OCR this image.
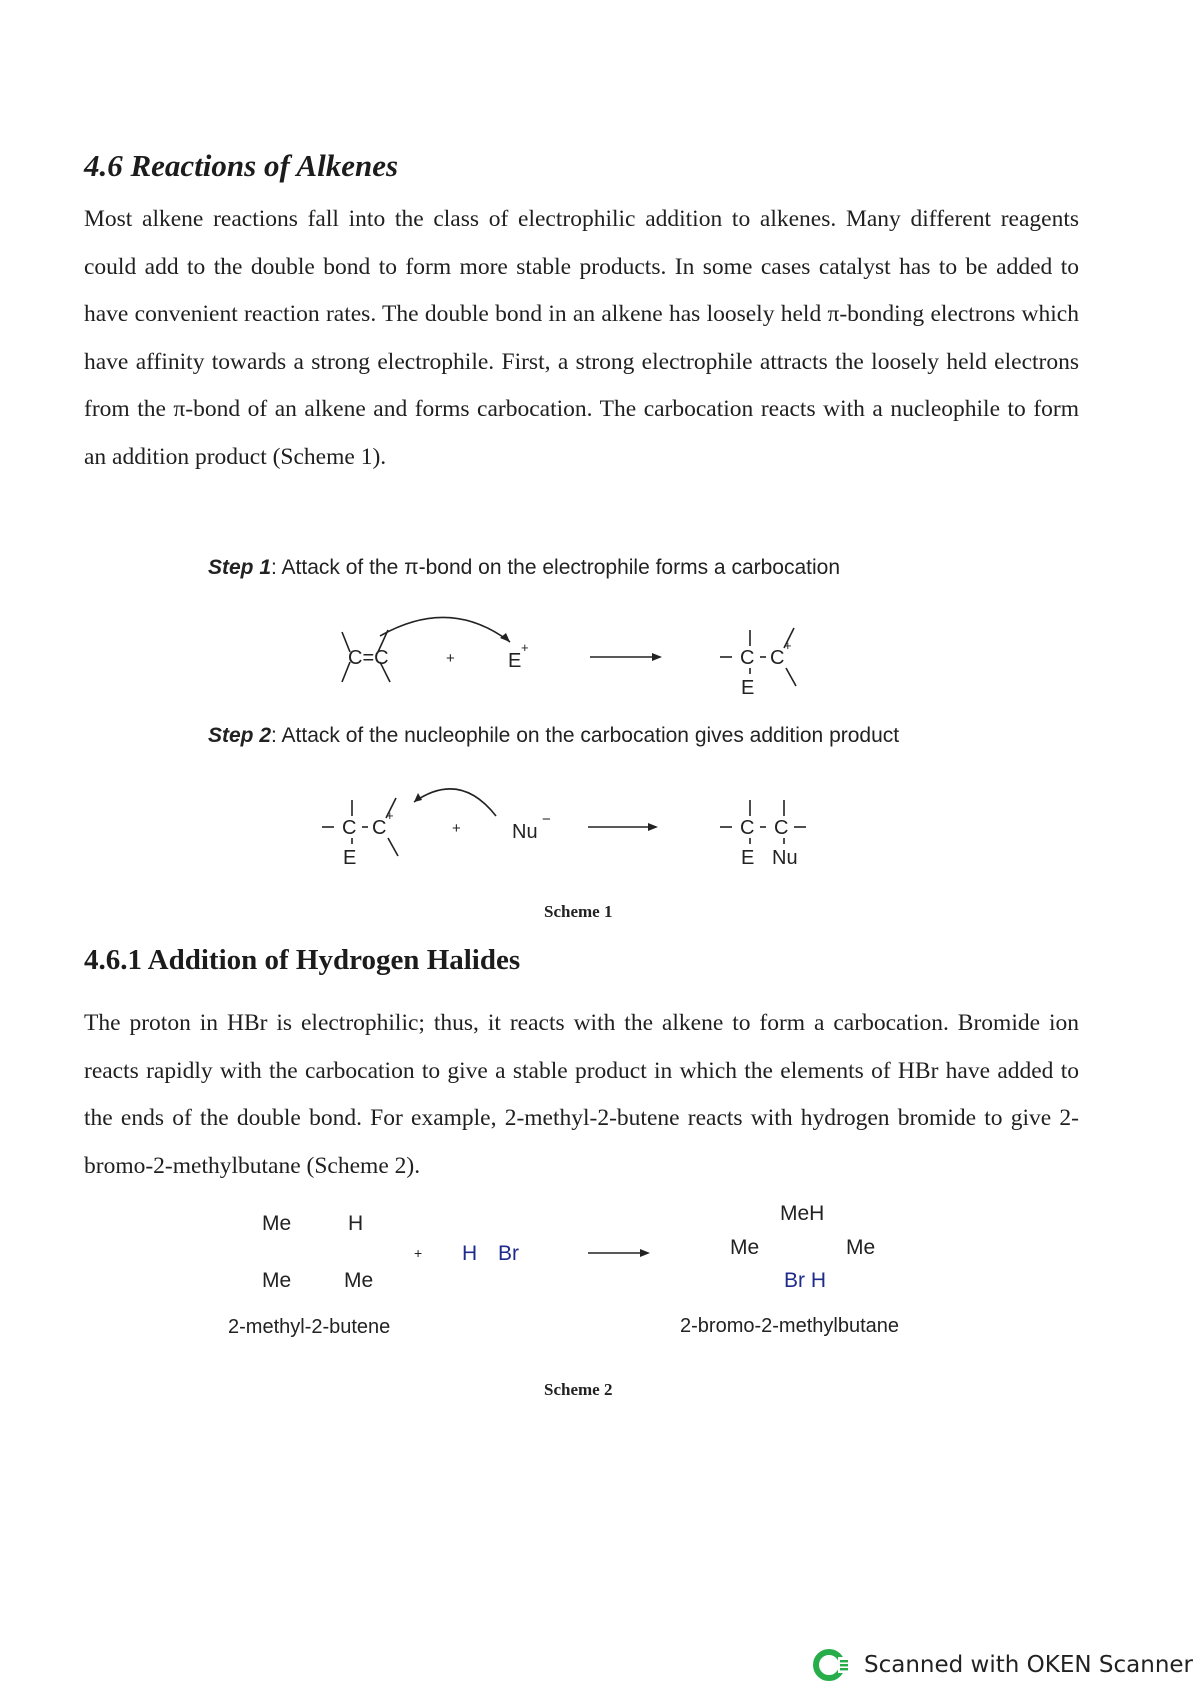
4.6 Reactions of Alkenes
Most alkene reactions fall into the class of electrophilic addition to alkenes. Many different reagents could add to the double bond to form more stable products. In some cases catalyst has to be added to have convenient reaction rates. The double bond in an alkene has loosely held π-bonding electrons which have affinity towards a strong electrophile. First, a strong electrophile attracts the loosely held electrons from the π-bond of an alkene and forms carbocation. The carbocation reacts with a nucleophile to form an addition product (Scheme 1).
Step 1: Attack of the π-bond on the electrophile forms a carbocation
C=C	+	E
+	C C
+
E
Step 2: Attack of the nucleophile on the carbocation gives addition product
C C
+
E
+	Nu
−	C C
E Nu
Scheme 1
4.6.1 Addition of Hydrogen Halides
The proton in HBr is electrophilic; thus, it reacts with the alkene to form a carbocation. Bromide ion reacts rapidly with the carbocation to give a stable product in which the elements of HBr have added to the ends of the double bond. For example, 2-methyl-2-butene reacts with hydrogen bromide to give 2-bromo-2-methylbutane (Scheme 2).
Me	H
Me	Me
+ H Br
MeH
Me	Me
Br H
2-methyl-2-butene	2-bromo-2-methylbutane
Scheme 2
Scanned with OKEN Scanner
